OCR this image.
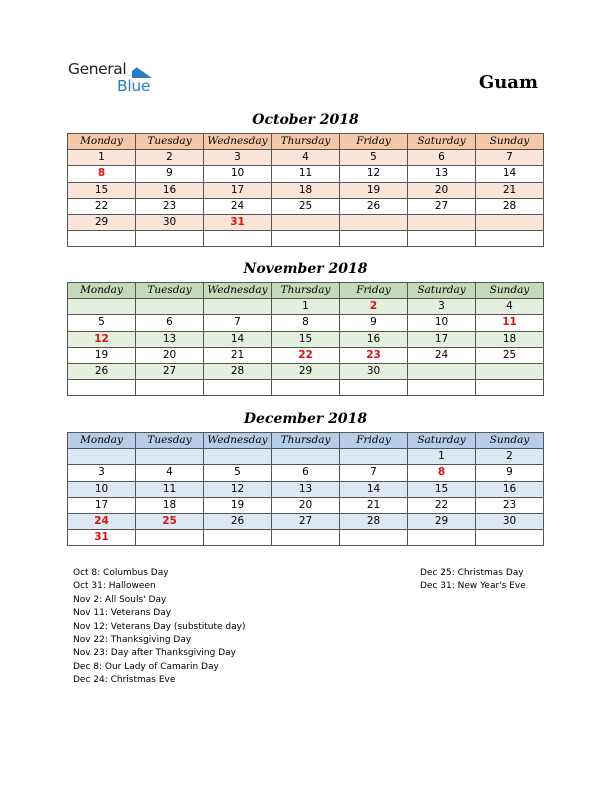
General
Blue	Guam
October 2018
Monday	Tuesday	Wednesday	Thursday	Friday	Saturday	Sunday
1	2	3	4	5	6	7
8	9	10	11	12	13	14
15	16	17	18	19	20	21
22	23	24	25	26	27	28
29	30	31				

November 2018
Monday	Tuesday	Wednesday	Thursday	Friday	Saturday	Sunday
			1	2	3	4
5	6	7	8	9	10	11
12	13	14	15	16	17	18
19	20	21	22	23	24	25
26	27	28	29	30		

December 2018
Monday	Tuesday	Wednesday	Thursday	Friday	Saturday	Sunday
					1	2
3	4	5	6	7	8	9
10	11	12	13	14	15	16
17	18	19	20	21	22	23
24	25	26	27	28	29	30
31						
Oct 8: Columbus Day
Oct 31: Halloween
Nov 2: All Souls' Day
Nov 11: Veterans Day
Nov 12: Veterans Day (substitute day)
Nov 22: Thanksgiving Day
Nov 23: Day after Thanksgiving Day
Dec 8: Our Lady of Camarin Day
Dec 24: Christmas Eve
Dec 25: Christmas Day
Dec 31: New Year's Eve
